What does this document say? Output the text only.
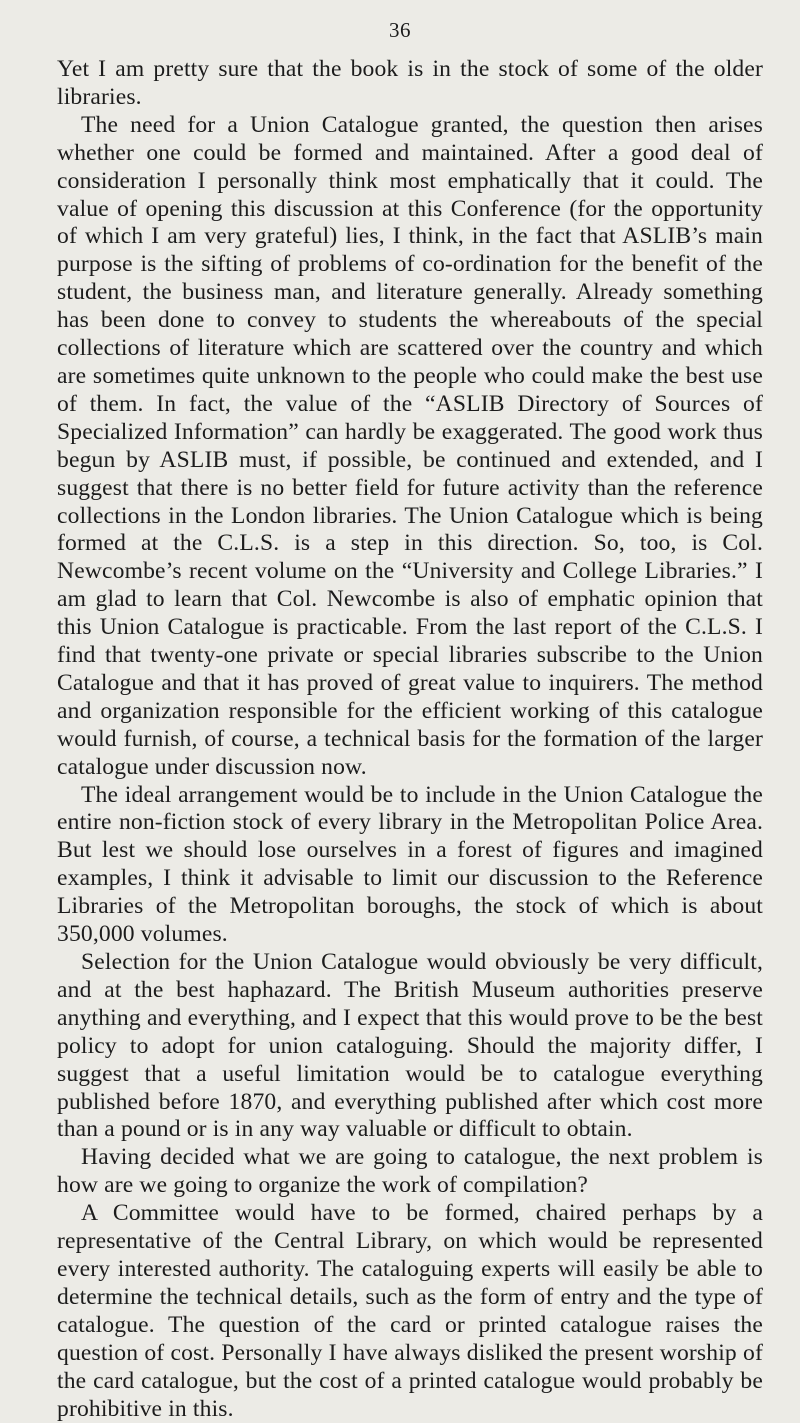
36

Yet I am pretty sure that the book is in the stock of some of the older libraries.

The need for a Union Catalogue granted, the question then arises whether one could be formed and maintained. After a good deal of consideration I personally think most emphatically that it could. The value of opening this discussion at this Conference (for the opportunity of which I am very grateful) lies, I think, in the fact that ASLIB’s main purpose is the sifting of problems of co-ordination for the benefit of the student, the business man, and literature generally. Already something has been done to convey to students the whereabouts of the special collections of literature which are scattered over the country and which are sometimes quite unknown to the people who could make the best use of them. In fact, the value of the “ASLIB Directory of Sources of Specialized Information” can hardly be exaggerated. The good work thus begun by ASLIB must, if possible, be continued and extended, and I suggest that there is no better field for future activity than the reference collections in the London libraries. The Union Catalogue which is being formed at the C.L.S. is a step in this direction. So, too, is Col. Newcombe’s recent volume on the “University and College Libraries.” I am glad to learn that Col. Newcombe is also of emphatic opinion that this Union Catalogue is practicable. From the last report of the C.L.S. I find that twenty-one private or special libraries subscribe to the Union Catalogue and that it has proved of great value to inquirers. The method and organization responsible for the efficient working of this catalogue would furnish, of course, a technical basis for the formation of the larger catalogue under discussion now.

The ideal arrangement would be to include in the Union Catalogue the entire non-fiction stock of every library in the Metropolitan Police Area. But lest we should lose ourselves in a forest of figures and imagined examples, I think it advisable to limit our discussion to the Reference Libraries of the Metropolitan boroughs, the stock of which is about 350,000 volumes.

Selection for the Union Catalogue would obviously be very difficult, and at the best haphazard. The British Museum authorities preserve anything and everything, and I expect that this would prove to be the best policy to adopt for union cataloguing. Should the majority differ, I suggest that a useful limitation would be to catalogue everything published before 1870, and everything published after which cost more than a pound or is in any way valuable or difficult to obtain.

Having decided what we are going to catalogue, the next problem is how are we going to organize the work of compilation?

A Committee would have to be formed, chaired perhaps by a representative of the Central Library, on which would be represented every interested authority. The cataloguing experts will easily be able to determine the technical details, such as the form of entry and the type of catalogue. The question of the card or printed catalogue raises the question of cost. Personally I have always disliked the present worship of the card catalogue, but the cost of a printed catalogue would probably be prohibitive in this.
